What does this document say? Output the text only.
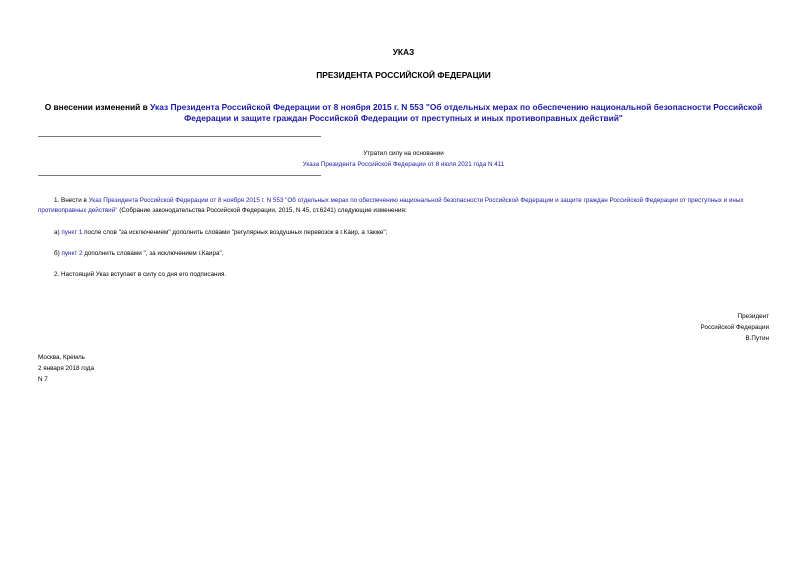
УКАЗ
ПРЕЗИДЕНТА РОССИЙСКОЙ ФЕДЕРАЦИИ
О внесении изменений в Указ Президента Российской Федерации от 8 ноября 2015 г. N 553 "Об отдельных мерах по обеспечению национальной безопасности Российской Федерации и защите граждан Российской Федерации от преступных и иных противоправных действий"
Утратил силу на основании
Указа Президента Российской Федерации от 8 июля 2021 года N 411
1. Внести в Указ Президента Российской Федерации от 8 ноября 2015 г. N 553 "Об отдельных мерах по обеспечению национальной безопасности Российской Федерации и защите граждан Российской Федерации от преступных и иных противоправных действий" (Собрание законодательства Российской Федерации, 2015, N 45, ст.6241) следующие изменения:
а) пункт 1 после слов "за исключением" дополнить словами "регулярных воздушных перевозок в г.Каир, а также";
б) пункт 2 дополнить словами ", за исключением г.Каира".
2. Настоящий Указ вступает в силу со дня его подписания.
Президент
Российской Федерации
В.Путин
Москва, Кремль
2 января 2018 года
N 7
